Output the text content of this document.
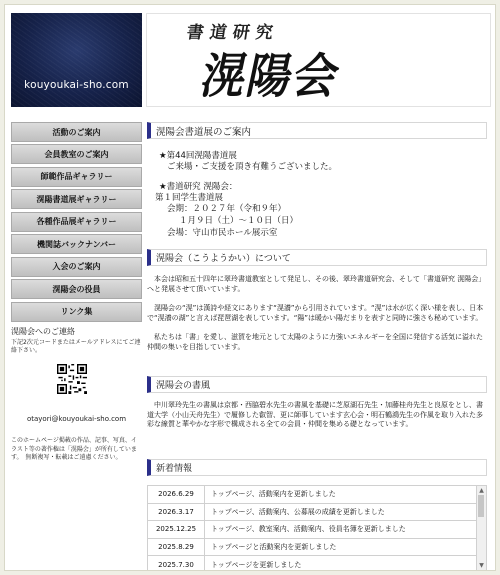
kouyoukai-sho.com
書道研究
滉陽会
活動のご案内
会員教室のご案内
師範作品ギャラリー
滉陽書道展ギャラリー
各種作品展ギャラリー
機関誌バックナンバー
入会のご案内
滉陽会の役員
リンク集
滉陽会へのご連絡
下記2次元コードまたはメールアドレスにてご連絡下さい。
otayori@kouyoukai-sho.com
このホームページ掲載の作品、記事、写真、イラスト等の著作権は「滉陽会」が所有しています。　無断複写・転載はご遠慮ください。
滉陽会書道展のご案内
★第44回滉陽書道展
ご来場・ご支援を頂き有難うございました。
★書道研究 滉陽会：
第１回学生書道展
会期：２０２７年（令和９年）
１月９日（土）〜１０日（日）
会場：守山市民ホール展示室
滉陽会（こうようかい）について
本会は昭和五十四年に翠玲書道教室として発足し、その後、翠玲書道研究会、そして「書道研究 滉陽会」へと発展させて頂いています。
滉陽会の“滉”は漢詩や経文にあります“滉瀁”から引用されています。“滉”は水が広く深い様を表し、日本で“滉瀁の湖”と言えば琵琶湖を表しています。“陽”は暖かい陽だまりを表すと同時に強さも秘めています。
私たちは「書」を愛し、滋賀を地元として太陽のように力強いエネルギーを全国に発信する活気に溢れた仲間の集いを目指しています。
滉陽会の書風
中川翠玲先生の書風は京都・西脇碧水先生の書風を基礎に芝原湖石先生・加藤桂舟先生と良原をとし、書道大学（小山天舟先生）で履修した叡智、更に師事しています玄心会・明石鶴鴻先生の作風を取り入れた多彩な線質と華やかな字形で構成される全ての会員・仲間を集める礎となっています。
新着情報
2026.6.29	トップページ、活動案内を更新しました
2026.3.17	トップページ、活動案内、公募展の成績を更新しました
2025.12.25	トップページ、教室案内、活動案内、役員名簿を更新しました
2025.8.29	トップページと活動案内を更新しました
2025.7.30	トップページを更新しました
▲
▼
